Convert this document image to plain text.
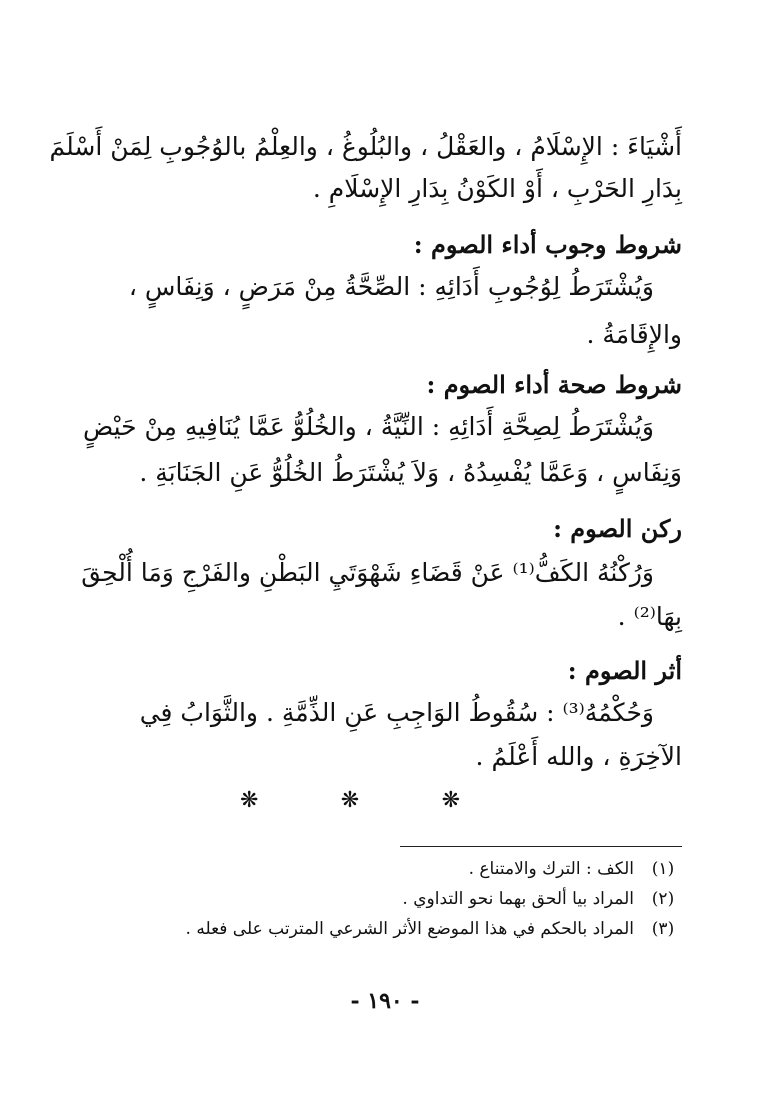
أَشْيَاءَ : الإِسْلَامُ ، والعَقْلُ ، والبُلُوغُ ، والعِلْمُ بالوُجُوبِ لِمَنْ أَسْلَمَ
بِدَارِ الحَرْبِ ، أَوْ الكَوْنُ بِدَارِ الإِسْلَامِ .
شروط وجوب أداء الصوم :
وَيُشْتَرَطُ لِوُجُوبِ أَدَائِهِ : الصِّحَّةُ مِنْ مَرَضٍ ، وَنِفَاسٍ ،
والإِقَامَةُ .
شروط صحة أداء الصوم :
وَيُشْتَرَطُ لِصِحَّةِ أَدَائِهِ : النِّيَّةُ ، والخُلُوُّ عَمَّا يُنَافِيهِ مِنْ حَيْضٍ
وَنِفَاسٍ ، وَعَمَّا يُفْسِدُهُ ، وَلاَ يُشْتَرَطُ الخُلُوُّ عَنِ الجَنَابَةِ .
ركن الصوم :
وَرُكْنُهُ الكَفُّ⁽¹⁾ عَنْ قَضَاءِ شَهْوَتَيِ البَطْنِ والفَرْجِ وَمَا أُلْحِقَ
بِهَا⁽²⁾ .
أثر الصوم :
وَحُكْمُهُ⁽³⁾ : سُقُوطُ الوَاجِبِ عَنِ الذِّمَّةِ . والثَّوَابُ فِي
الآخِرَةِ ، والله أَعْلَمُ .
❋	❋	❋
(١)
الكف : الترك والامتناع .
(٢)
المراد بيا ألحق بهما نحو التداوي .
(٣)
المراد بالحكم في هذا الموضع الأثر الشرعي المترتب على فعله .
- ١٩٠ -
